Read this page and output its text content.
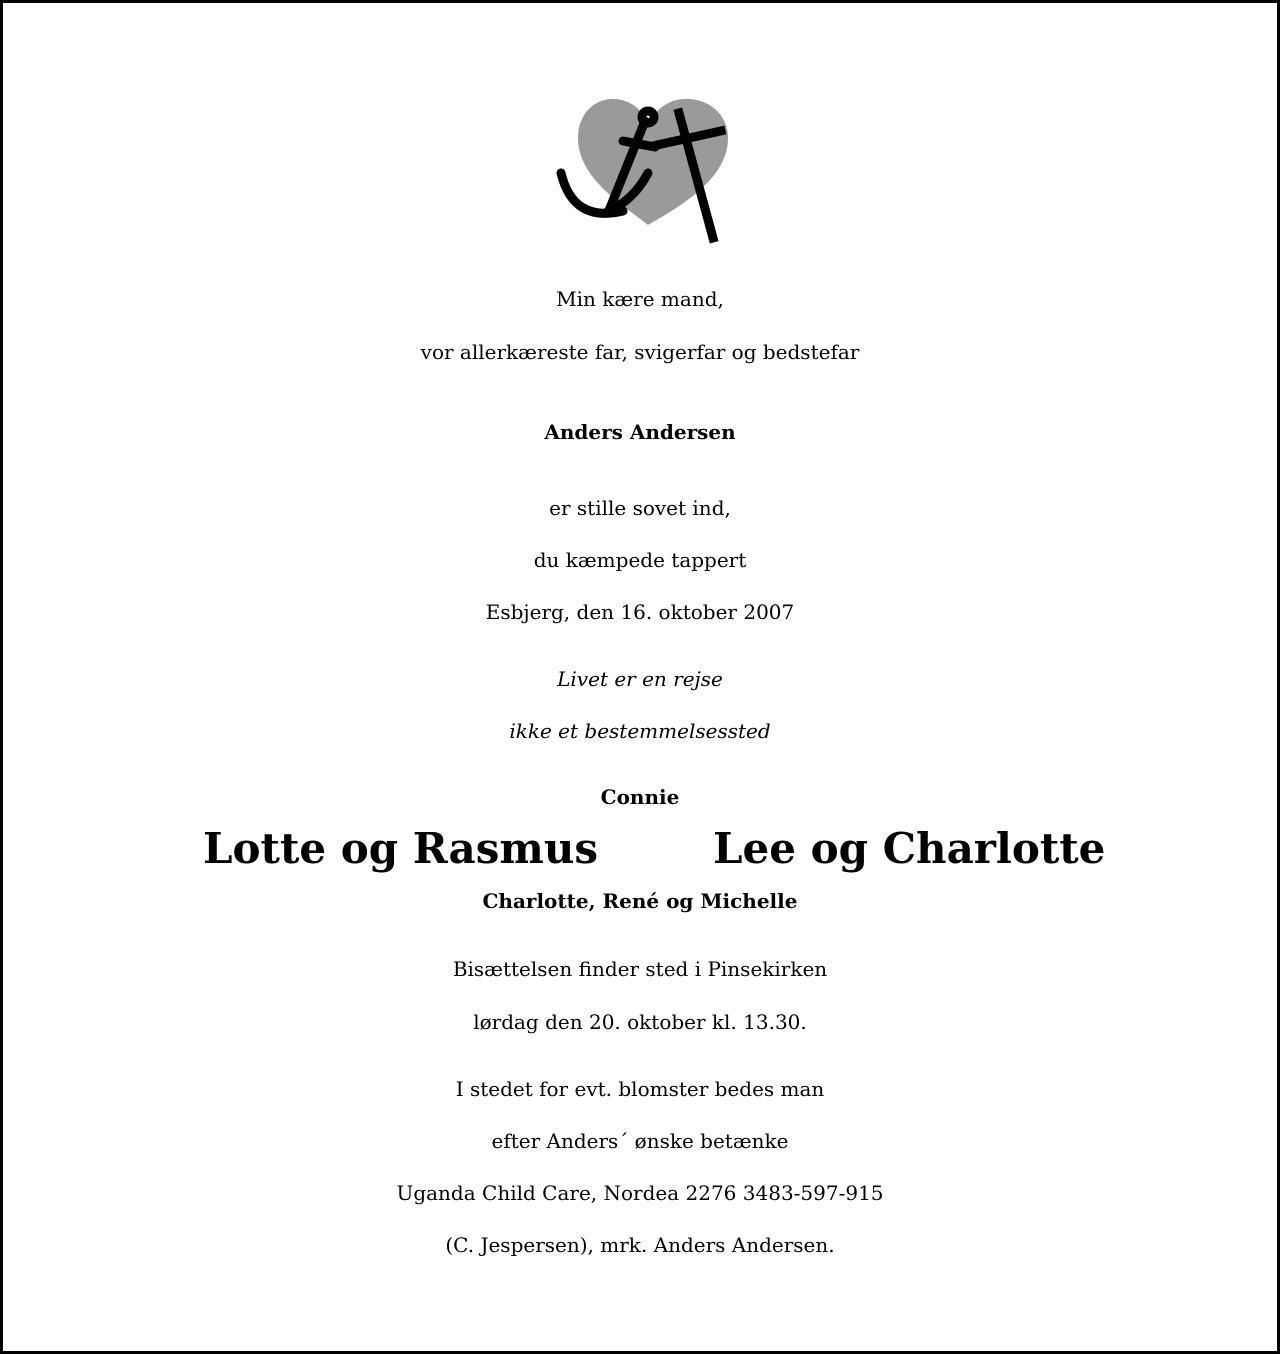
Min kære mand,
vor allerkæreste far, svigerfar og bedstefar
Anders Andersen
er stille sovet ind,
du kæmpede tappert
Esbjerg, den 16. oktober 2007
Livet er en rejse
ikke et bestemmelsessted
Connie
Lotte og Rasmus	Lee og Charlotte
Charlotte, René og Michelle
Bisættelsen finder sted i Pinsekirken
lørdag den 20. oktober kl. 13.30.
I stedet for evt. blomster bedes man
efter Anders´ ønske betænke
Uganda Child Care, Nordea 2276 3483-597-915
(C. Jespersen), mrk. Anders Andersen.
